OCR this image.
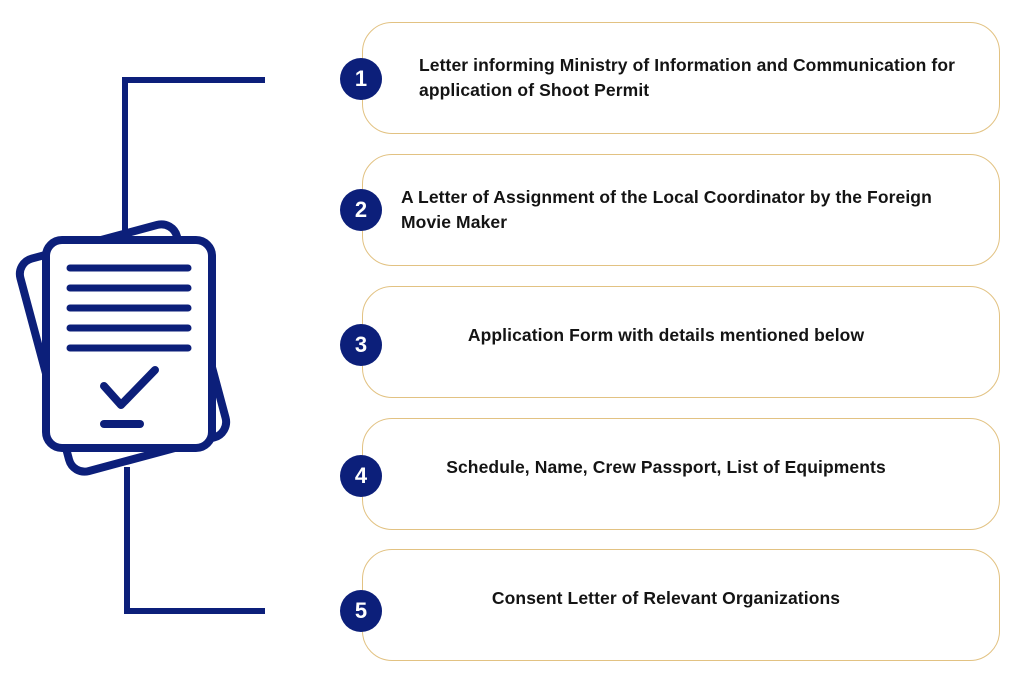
Letter informing Ministry of Information and Communication for application of Shoot Permit
A Letter of Assignment of the Local Coordinator by the Foreign Movie Maker
Application Form with details mentioned below
Schedule, Name, Crew Passport, List of Equipments
Consent Letter of Relevant Organizations
1
2
3
4
5
